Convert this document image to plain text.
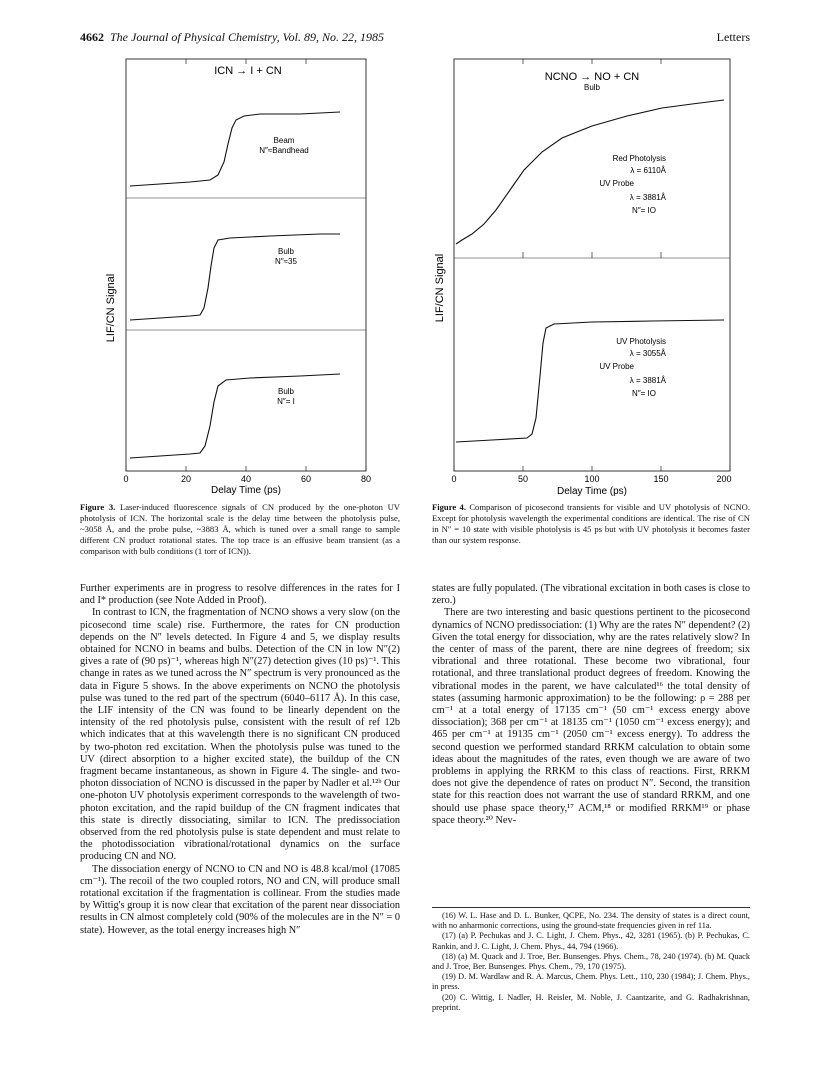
4662 The Journal of Physical Chemistry, Vol. 89, No. 22, 1985	Letters
ICN → I + CN
Beam
N″≈Bandhead
Bulb
N″≈35
Bulb
N″= I
LIF/CN Signal
0	20	40	60	80
Delay Time (ps)
NCNO → NO + CN
Bulb
Red Photolysis
λ = 6110Å
UV Probe
λ = 3881Å
N″= IO
UV Photolysis
λ = 3055Å
UV Probe
λ = 3881Å
N″= IO
LIF/CN Signal
0	50	100	150	200
Delay Time (ps)
Figure 3. Laser-induced fluorescence signals of CN produced by the one-photon UV photolysis of ICN. The horizontal scale is the delay time between the photolysis pulse, ~3058 Å, and the probe pulse, ~3883 Å, which is tuned over a small range to sample different CN product rotational states. The top trace is an effusive beam transient (as a comparison with bulb conditions (1 torr of ICN)).
Figure 4. Comparison of picosecond transients for visible and UV photolysis of NCNO. Except for photolysis wavelength the experimental conditions are identical. The rise of CN in N″ = 10 state with visible photolysis is 45 ps but with UV photolysis it becomes faster than our system response.

Further experiments are in progress to resolve differences in the rates for I and I* production (see Note Added in Proof).

In contrast to ICN, the fragmentation of NCNO shows a very slow (on the picosecond time scale) rise. Furthermore, the rates for CN production depends on the N″ levels detected. In Figure 4 and 5, we display results obtained for NCNO in beams and bulbs. Detection of the CN in low N″(2) gives a rate of (90 ps)⁻¹, whereas high N″(27) detection gives (10 ps)⁻¹. This change in rates as we tuned across the N″ spectrum is very pronounced as the data in Figure 5 shows. In the above experiments on NCNO the photolysis pulse was tuned to the red part of the spectrum (6040–6117 Å). In this case, the LIF intensity of the CN was found to be linearly dependent on the intensity of the red photolysis pulse, consistent with the result of ref 12b which indicates that at this wavelength there is no significant CN produced by two-photon red excitation. When the photolysis pulse was tuned to the UV (direct absorption to a higher excited state), the buildup of the CN fragment became instantaneous, as shown in Figure 4. The single- and two-photon dissociation of NCNO is discussed in the paper by Nadler et al.¹²ᵇ Our one-photon UV photolysis experiment corresponds to the wavelength of two-photon excitation, and the rapid buildup of the CN fragment indicates that this state is directly dissociating, similar to ICN. The predissociation observed from the red photolysis pulse is state dependent and must relate to the photodissociation vibrational/rotational dynamics on the surface producing CN and NO.

The dissociation energy of NCNO to CN and NO is 48.8 kcal/mol (17085 cm⁻¹). The recoil of the two coupled rotors, NO and CN, will produce small rotational excitation if the fragmentation is collinear. From the studies made by Wittig's group it is now clear that excitation of the parent near dissociation results in CN almost completely cold (90% of the molecules are in the N″ = 0 state). However, as the total energy increases high N″

states are fully populated. (The vibrational excitation in both cases is close to zero.)

There are two interesting and basic questions pertinent to the picosecond dynamics of NCNO predissociation: (1) Why are the rates N″ dependent? (2) Given the total energy for dissociation, why are the rates relatively slow? In the center of mass of the parent, there are nine degrees of freedom; six vibrational and three rotational. These become two vibrational, four rotational, and three translational product degrees of freedom. Knowing the vibrational modes in the parent, we have calculated¹⁶ the total density of states (assuming harmonic approximation) to be the following: ρ = 288 per cm⁻¹ at a total energy of 17135 cm⁻¹ (50 cm⁻¹ excess energy above dissociation); 368 per cm⁻¹ at 18135 cm⁻¹ (1050 cm⁻¹ excess energy); and 465 per cm⁻¹ at 19135 cm⁻¹ (2050 cm⁻¹ excess energy). To address the second question we performed standard RRKM calculation to obtain some ideas about the magnitudes of the rates, even though we are aware of two problems in applying the RRKM to this class of reactions. First, RRKM does not give the dependence of rates on product N″. Second, the transition state for this reaction does not warrant the use of standard RRKM, and one should use phase space theory,¹⁷ ACM,¹⁸ or modified RRKM¹⁹ or phase space theory.²⁰ Nev-

(16) W. L. Hase and D. L. Bunker, QCPE, No. 234. The density of states is a direct count, with no anharmonic corrections, using the ground-state frequencies given in ref 11a.

(17) (a) P. Pechukas and J. C. Light, J. Chem. Phys., 42, 3281 (1965). (b) P. Pechukas, C. Rankin, and J. C. Light, J. Chem. Phys., 44, 794 (1966).

(18) (a) M. Quack and J. Troe, Ber. Bunsenges. Phys. Chem., 78, 240 (1974). (b) M. Quack and J. Troe, Ber. Bunsenges. Phys. Chem., 79, 170 (1975).

(19) D. M. Wardlaw and R. A. Marcus, Chem. Phys. Lett., 110, 230 (1984); J. Chem. Phys., in press.

(20) C. Wittig, I. Nadler, H. Reisler, M. Noble, J. Caantzarite, and G. Radhakrishnan, preprint.
